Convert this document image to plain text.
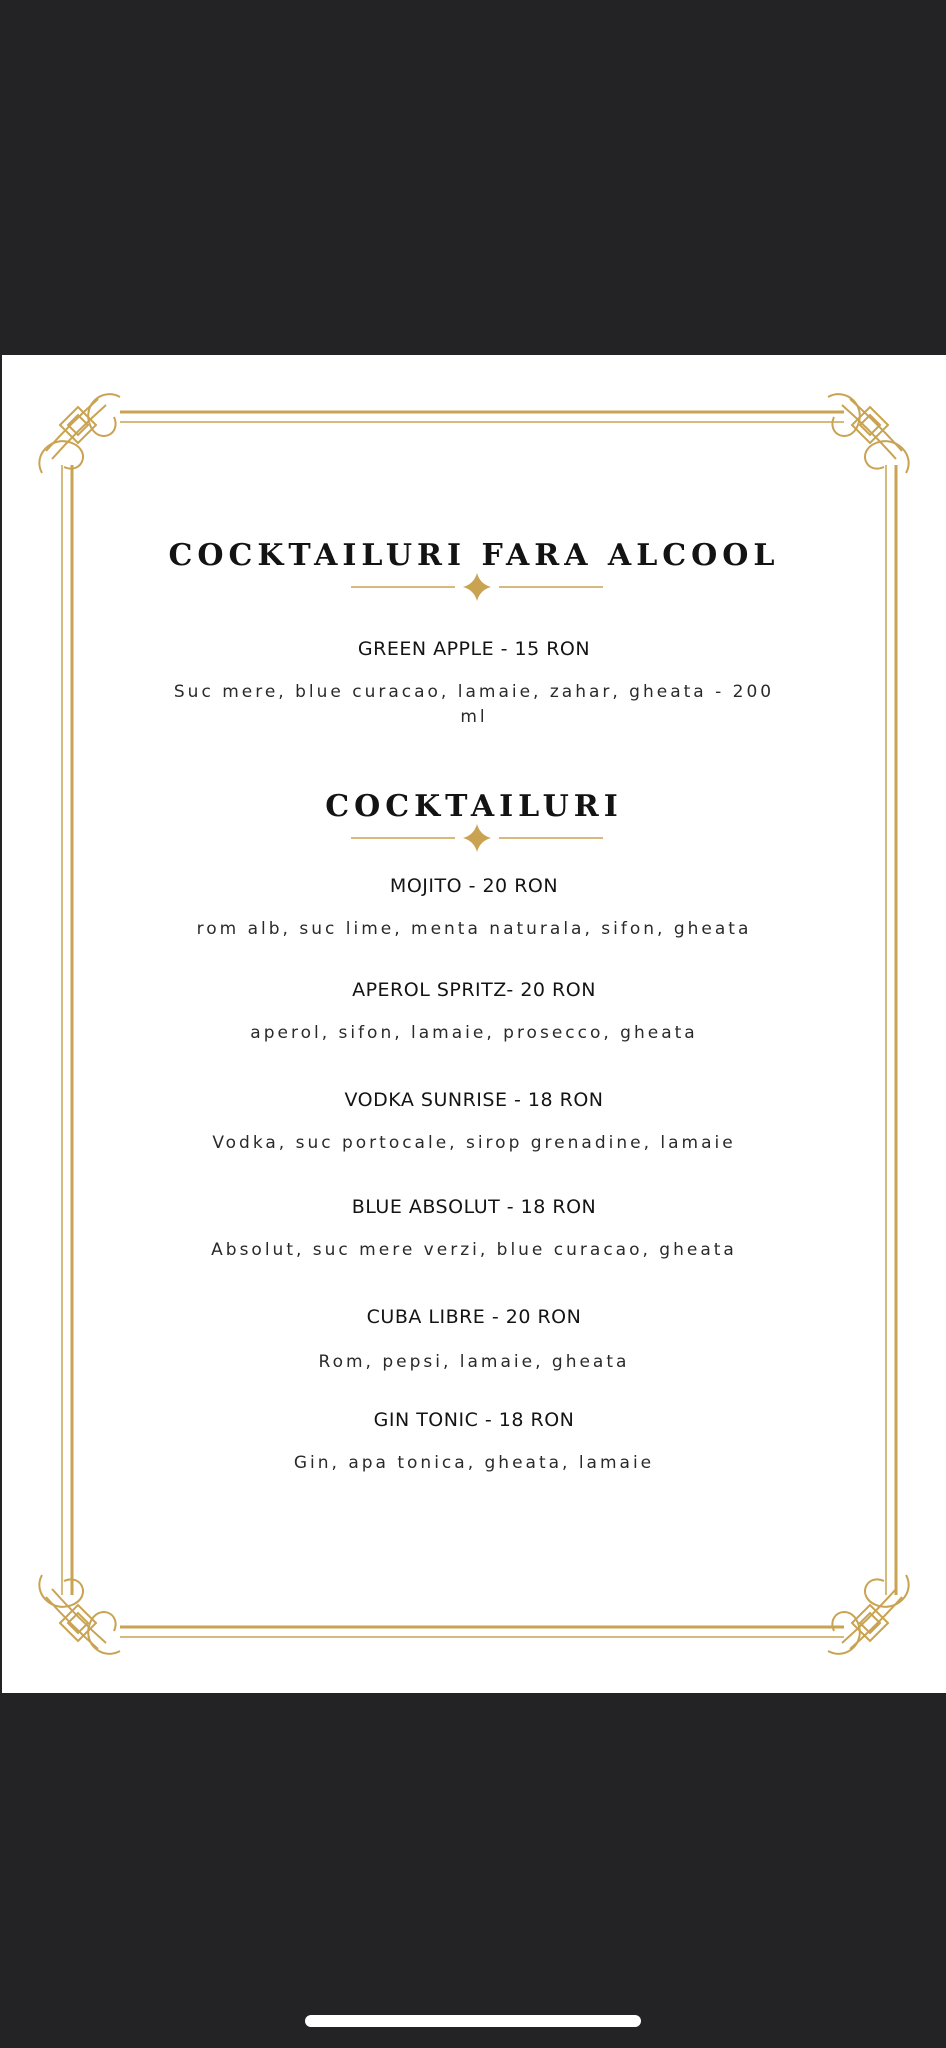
COCKTAILURI FARA ALCOOL
GREEN APPLE - 15 RON
Suc mere, blue curacao, lamaie, zahar, gheata - 200 ml
COCKTAILURI
MOJITO - 20 RON
rom alb, suc lime, menta naturala, sifon, gheata
APEROL SPRITZ- 20 RON
aperol, sifon, lamaie, prosecco, gheata
VODKA SUNRISE - 18 RON
Vodka, suc portocale, sirop grenadine, lamaie
BLUE ABSOLUT - 18 RON
Absolut, suc mere verzi, blue curacao, gheata
CUBA LIBRE - 20 RON
Rom, pepsi, lamaie, gheata
GIN TONIC - 18 RON
Gin, apa tonica, gheata, lamaie
